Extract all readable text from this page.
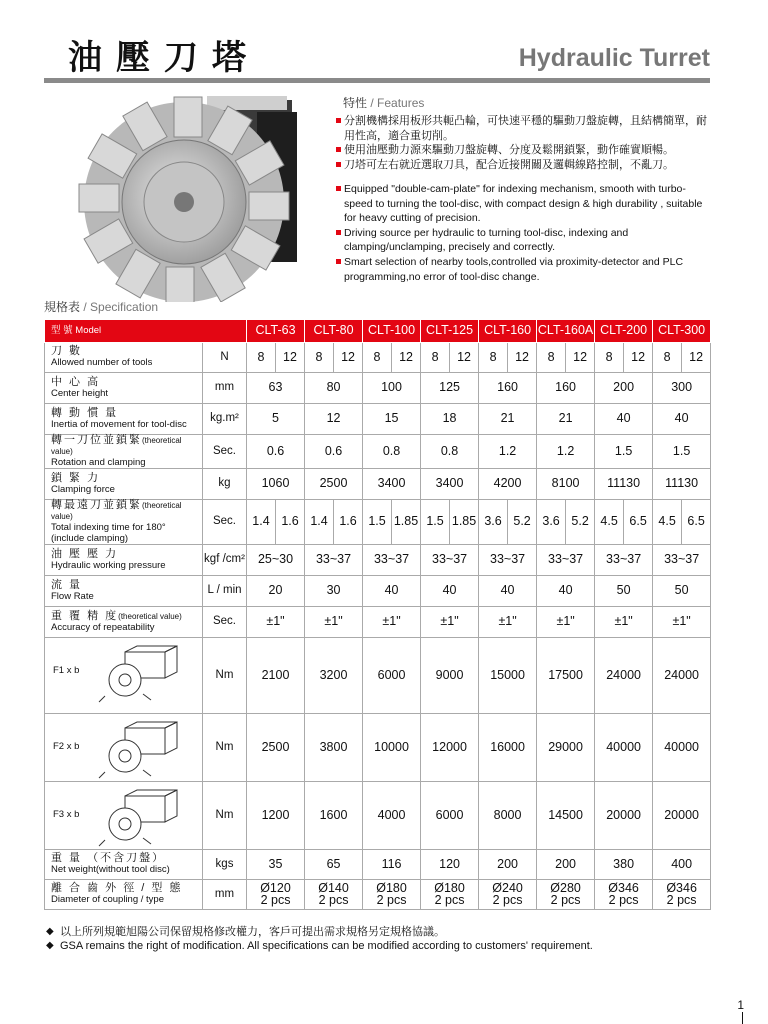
油壓刀塔	Hydraulic Turret
特性 / Features
分割機構採用板形共軛凸輪，可快速平穩的驅動刀盤旋轉，且結構簡單，耐用性高，適合重切削。
使用油壓動力源來驅動刀盤旋轉、分度及鬆開鎖緊，動作確實順暢。
刀塔可左右就近選取刀具，配合近接開關及邏輯線路控制，不亂刀。
Equipped "double-cam-plate" for indexing mechanism, smooth with turbo-speed to turning the tool-disc, with compact design & high durability , suitable for heavy cutting of precision.
Driving source per hydraulic to turning tool-disc, indexing and clamping/unclamping, precisely and correctly.
Smart selection of nearby tools,controlled via proximity-detector and PLC programming,no error of tool-disc change.
規格表 / Specification
型 號 Model		CLT-63		CLT-80		CLT-100		CLT-125		CLT-160		CLT-160A		CLT-200		CLT-300	
刀 數
Allowed number of tools	N	8	12	8	12	8	12	8	12	8	12	8	12	8	12	8	12
中 心 高
Center height	mm	63		80		100		125		160		160		200		300	
轉 動 慣 量
Inertia of movement for tool-disc	kg.m²	5		12		15		18		21		21		40		40	
轉一刀位並鎖緊(theoretical value)
Rotation and clamping	Sec.	0.6		0.6		0.8		0.8		1.2		1.2		1.5		1.5	
鎖 緊 力
Clamping force	kg	1060		2500		3400		3400		4200		8100		11130		11130	
轉最遠刀並鎖緊(theoretical value)
Total indexing time for 180°
(include clamping)	Sec.	1.4	1.6	1.4	1.6	1.5	1.85	1.5	1.85	3.6	5.2	3.6	5.2	4.5	6.5	4.5	6.5
油 壓 壓 力
Hydraulic working pressure	kgf /cm²	25~30		33~37		33~37		33~37		33~37		33~37		33~37		33~37	
流 量
Flow Rate	L / min	20		30		40		40		40		40		50		50	
重 覆 精 度(theoretical value)
Accuracy of repeatability	Sec.	±1"		±1"		±1"		±1"		±1"		±1"		±1"		±1"	

F1 x b	Nm	2100		3200		6000		9000		15000		17500		24000		24000	

F2 x b	Nm	2500		3800		10000		12000		16000		29000		40000		40000	

F3 x b	Nm	1200		1600		4000		6000		8000		14500		20000		20000	
重 量 （不含刀盤）
Net weight(without tool disc)	kgs	35		65		116		120		200		200		380		400	
離 合 齒 外 徑 / 型 態
Diameter of coupling / type	mm	Ø120
2 pcs		Ø140
2 pcs		Ø180
2 pcs		Ø180
2 pcs		Ø240
2 pcs		Ø280
2 pcs		Ø346
2 pcs		Ø346
2 pcs	
◆ 以上所列規範旭陽公司保留規格修改權力，客戶可提出需求規格另定規格協議。
◆ GSA remains the right of modification. All specifications can be modified according to customers' requirement.
1
